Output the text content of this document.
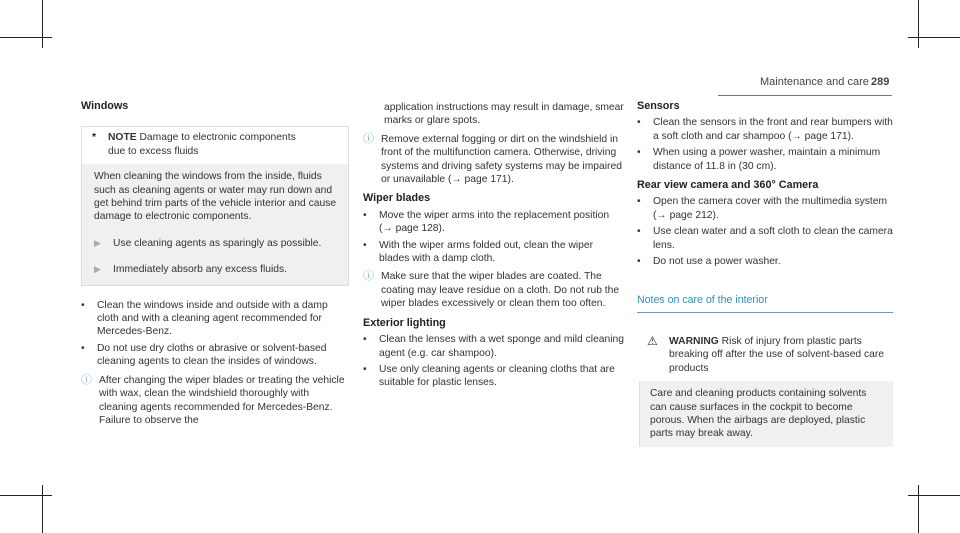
Maintenance and care 289
Windows
*	NOTE Damage to electronic components
due to excess fluids
When cleaning the windows from the inside, fluids such as cleaning agents or water may run down and get behind trim parts of the vehicle interior and cause damage to electronic components.
▶	Use cleaning agents as sparingly as possible.
▶	Immediately absorb any excess fluids.
•	Clean the windows inside and outside with a damp cloth and with a cleaning agent recommended for Mercedes-Benz.
•	Do not use dry cloths or abrasive or solvent-based cleaning agents to clean the insides of windows.
ⓘ After changing the wiper blades or treating the vehicle with wax, clean the windshield thoroughly with cleaning agents recommended for Mercedes-Benz. Failure to observe the
application instructions may result in damage, smear marks or glare spots.
ⓘ Remove external fogging or dirt on the windshield in front of the multifunction camera. Otherwise, driving systems and driving safety systems may be impaired or unavailable (→ page 171).
Wiper blades
•	Move the wiper arms into the replacement position (→ page 128).
•	With the wiper arms folded out, clean the wiper blades with a damp cloth.
ⓘ Make sure that the wiper blades are coated. The coating may leave residue on a cloth. Do not rub the wiper blades excessively or clean them too often.
Exterior lighting
•	Clean the lenses with a wet sponge and mild cleaning agent (e.g. car shampoo).
•	Use only cleaning agents or cleaning cloths that are suitable for plastic lenses.
Sensors
•	Clean the sensors in the front and rear bumpers with a soft cloth and car shampoo (→ page 171).
•	When using a power washer, maintain a minimum distance of 11.8 in (30 cm).
Rear view camera and 360° Camera
•	Open the camera cover with the multimedia system (→ page 212).
•	Use clean water and a soft cloth to clean the camera lens.
•	Do not use a power washer.
Notes on care of the interior
⚠	WARNING Risk of injury from plastic parts breaking off after the use of solvent-based care products
Care and cleaning products containing solvents can cause surfaces in the cockpit to become porous. When the airbags are deployed, plastic parts may break away.
